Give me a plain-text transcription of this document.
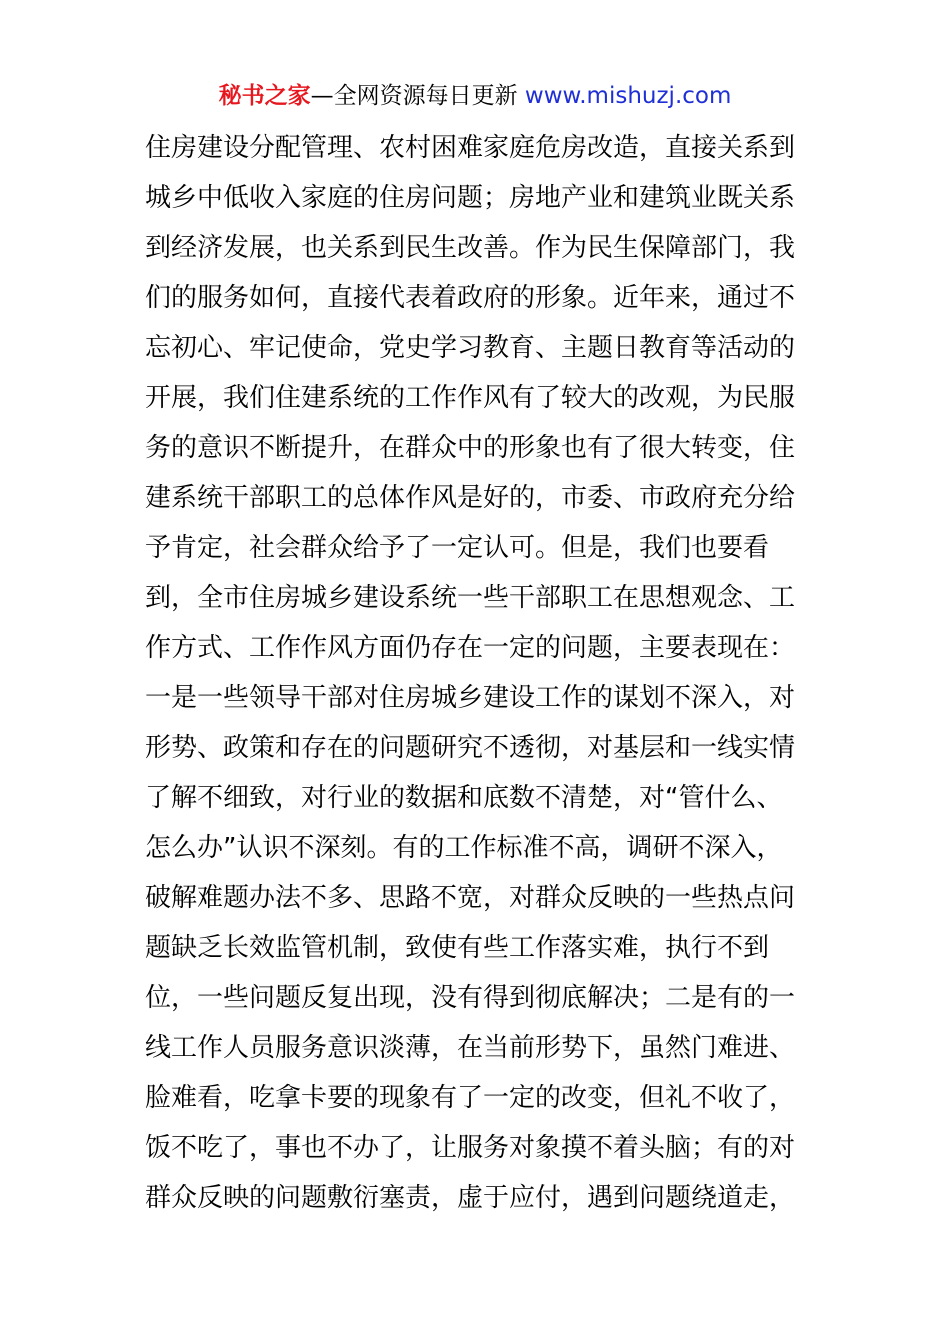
秘书之家—全网资源每日更新 www.mishuzj.com
住房建设分配管理、农村困难家庭危房改造，直接关系到
城乡中低收入家庭的住房问题；房地产业和建筑业既关系
到经济发展，也关系到民生改善。作为民生保障部门，我
们的服务如何，直接代表着政府的形象。近年来，通过不
忘初心、牢记使命，党史学习教育、主题日教育等活动的
开展，我们住建系统的工作作风有了较大的改观，为民服
务的意识不断提升，在群众中的形象也有了很大转变，住
建系统干部职工的总体作风是好的，市委、市政府充分给
予肯定，社会群众给予了一定认可。但是，我们也要看
到，全市住房城乡建设系统一些干部职工在思想观念、工
作方式、工作作风方面仍存在一定的问题，主要表现在：
一是一些领导干部对住房城乡建设工作的谋划不深入，对
形势、政策和存在的问题研究不透彻，对基层和一线实情
了解不细致，对行业的数据和底数不清楚，对“管什么、
怎么办”认识不深刻。有的工作标准不高，调研不深入，
破解难题办法不多、思路不宽，对群众反映的一些热点问
题缺乏长效监管机制，致使有些工作落实难，执行不到
位，一些问题反复出现，没有得到彻底解决；二是有的一
线工作人员服务意识淡薄，在当前形势下，虽然门难进、
脸难看，吃拿卡要的现象有了一定的改变，但礼不收了，
饭不吃了，事也不办了，让服务对象摸不着头脑；有的对
群众反映的问题敷衍塞责，虚于应付，遇到问题绕道走，
